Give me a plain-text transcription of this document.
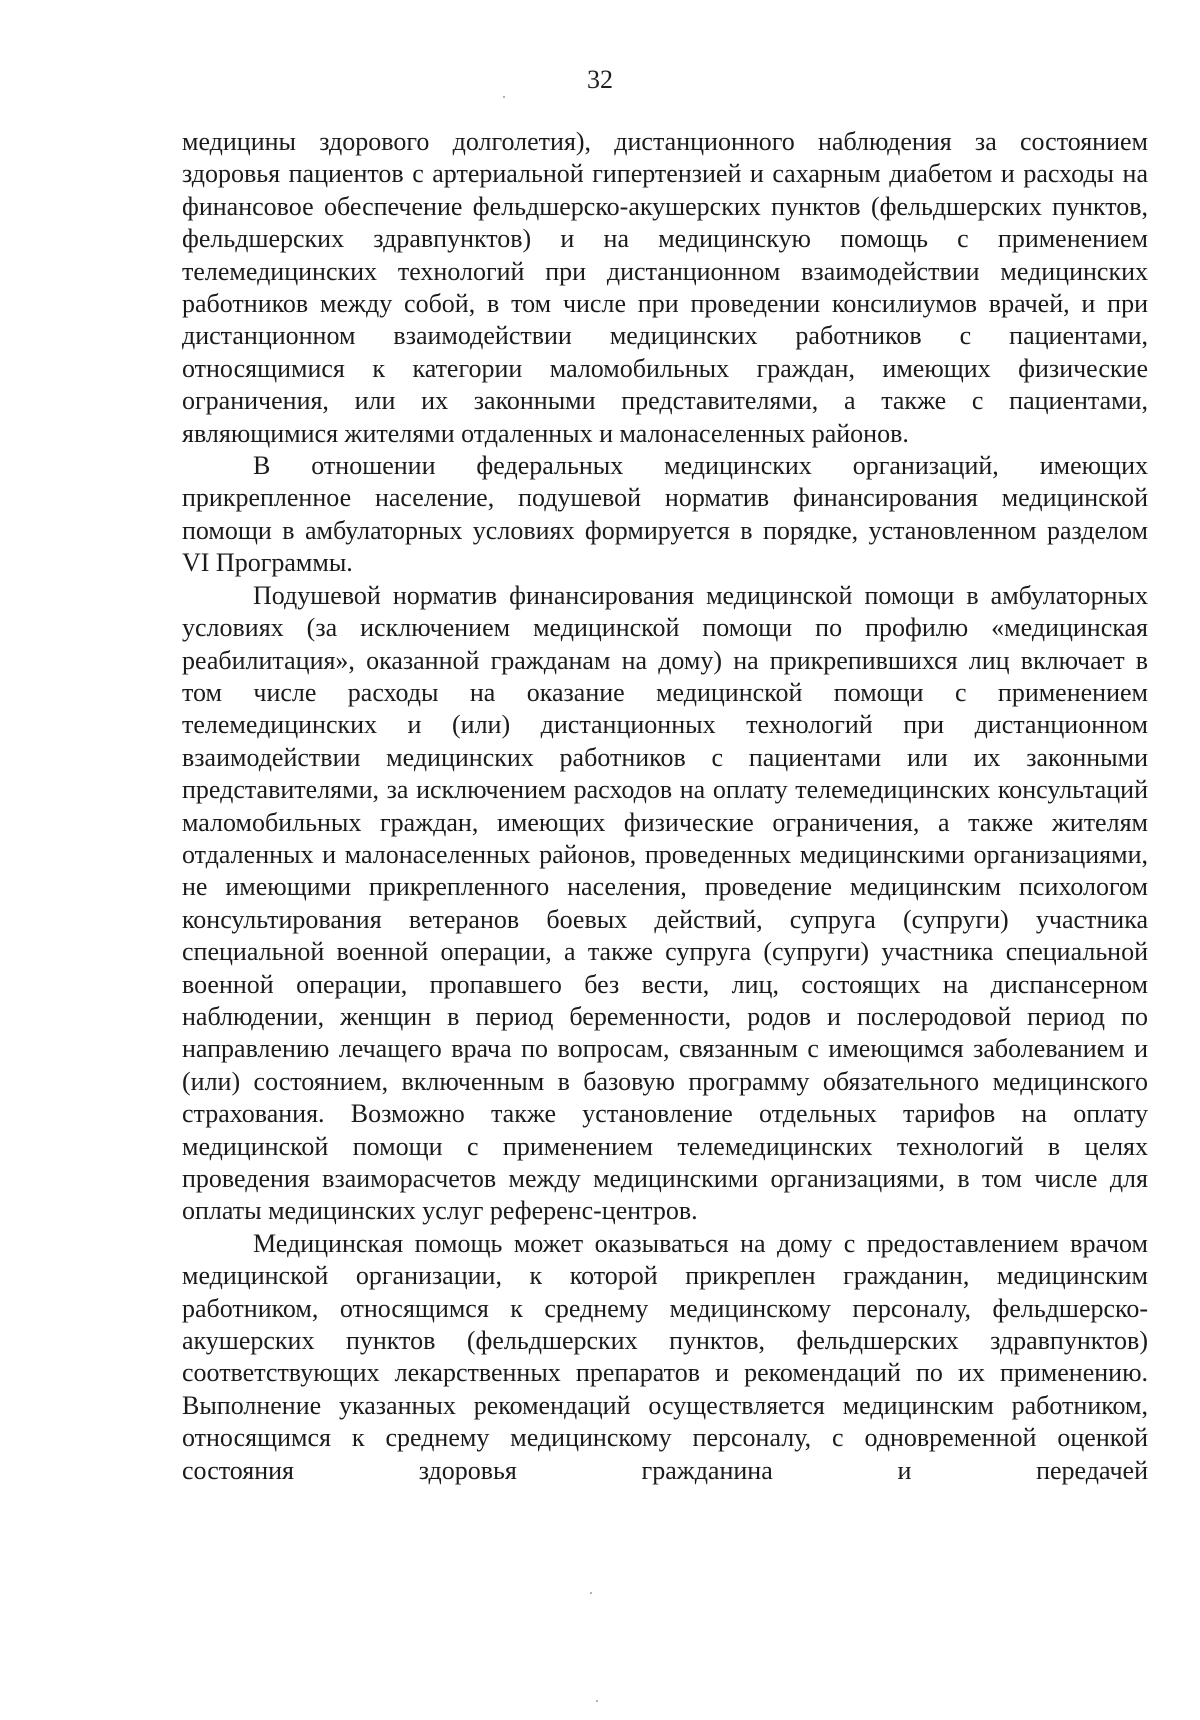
32

медицины здорового долголетия), дистанционного наблюдения за состоянием здоровья пациентов с артериальной гипертензией и сахарным диабетом и расходы на финансовое обеспечение фельдшерско-акушерских пунктов (фельдшерских пунктов, фельдшерских здравпунктов) и на медицинскую помощь с применением телемедицинских технологий при дистанционном взаимодействии медицинских работников между собой, в том числе при проведении консилиумов врачей, и при дистанционном взаимодействии медицинских работников с пациентами, относящимися к категории маломобильных граждан, имеющих физические ограничения, или их законными представителями, а также с пациентами, являющимися жителями отдаленных и малонаселенных районов.

В отношении федеральных медицинских организаций, имеющих прикрепленное население, подушевой норматив финансирования медицинской помощи в амбулаторных условиях формируется в порядке, установленном разделом VI Программы.

Подушевой норматив финансирования медицинской помощи в амбулаторных условиях (за исключением медицинской помощи по профилю «медицинская реабилитация», оказанной гражданам на дому) на прикрепившихся лиц включает в том числе расходы на оказание медицинской помощи с применением телемедицинских и (или) дистанционных технологий при дистанционном взаимодействии медицинских работников с пациентами или их законными представителями, за исключением расходов на оплату телемедицинских консультаций маломобильных граждан, имеющих физические ограничения, а также жителям отдаленных и малонаселенных районов, проведенных медицинскими организациями, не имеющими прикрепленного населения, проведение медицинским психологом консультирования ветеранов боевых действий, супруга (супруги) участника специальной военной операции, а также супруга (супруги) участника специальной военной операции, пропавшего без вести, лиц, состоящих на диспансерном наблюдении, женщин в период беременности, родов и послеродовой период по направлению лечащего врача по вопросам, связанным с имеющимся заболеванием и (или) состоянием, включенным в базовую программу обязательного медицинского страхования. Возможно также установление отдельных тарифов на оплату медицинской помощи с применением телемедицинских технологий в целях проведения взаиморасчетов между медицинскими организациями, в том числе для оплаты медицинских услуг референс-центров.

Медицинская помощь может оказываться на дому с предоставлением врачом медицинской организации, к которой прикреплен гражданин, медицинским работником, относящимся к среднему медицинскому персоналу, фельдшерско-акушерских пунктов (фельдшерских пунктов, фельдшерских здравпунктов) соответствующих лекарственных препаратов и рекомендаций по их применению. Выполнение указанных рекомендаций осуществляется медицинским работником, относящимся к среднему медицинскому персоналу, с одновременной оценкой состояния здоровья гражданина и передачей
